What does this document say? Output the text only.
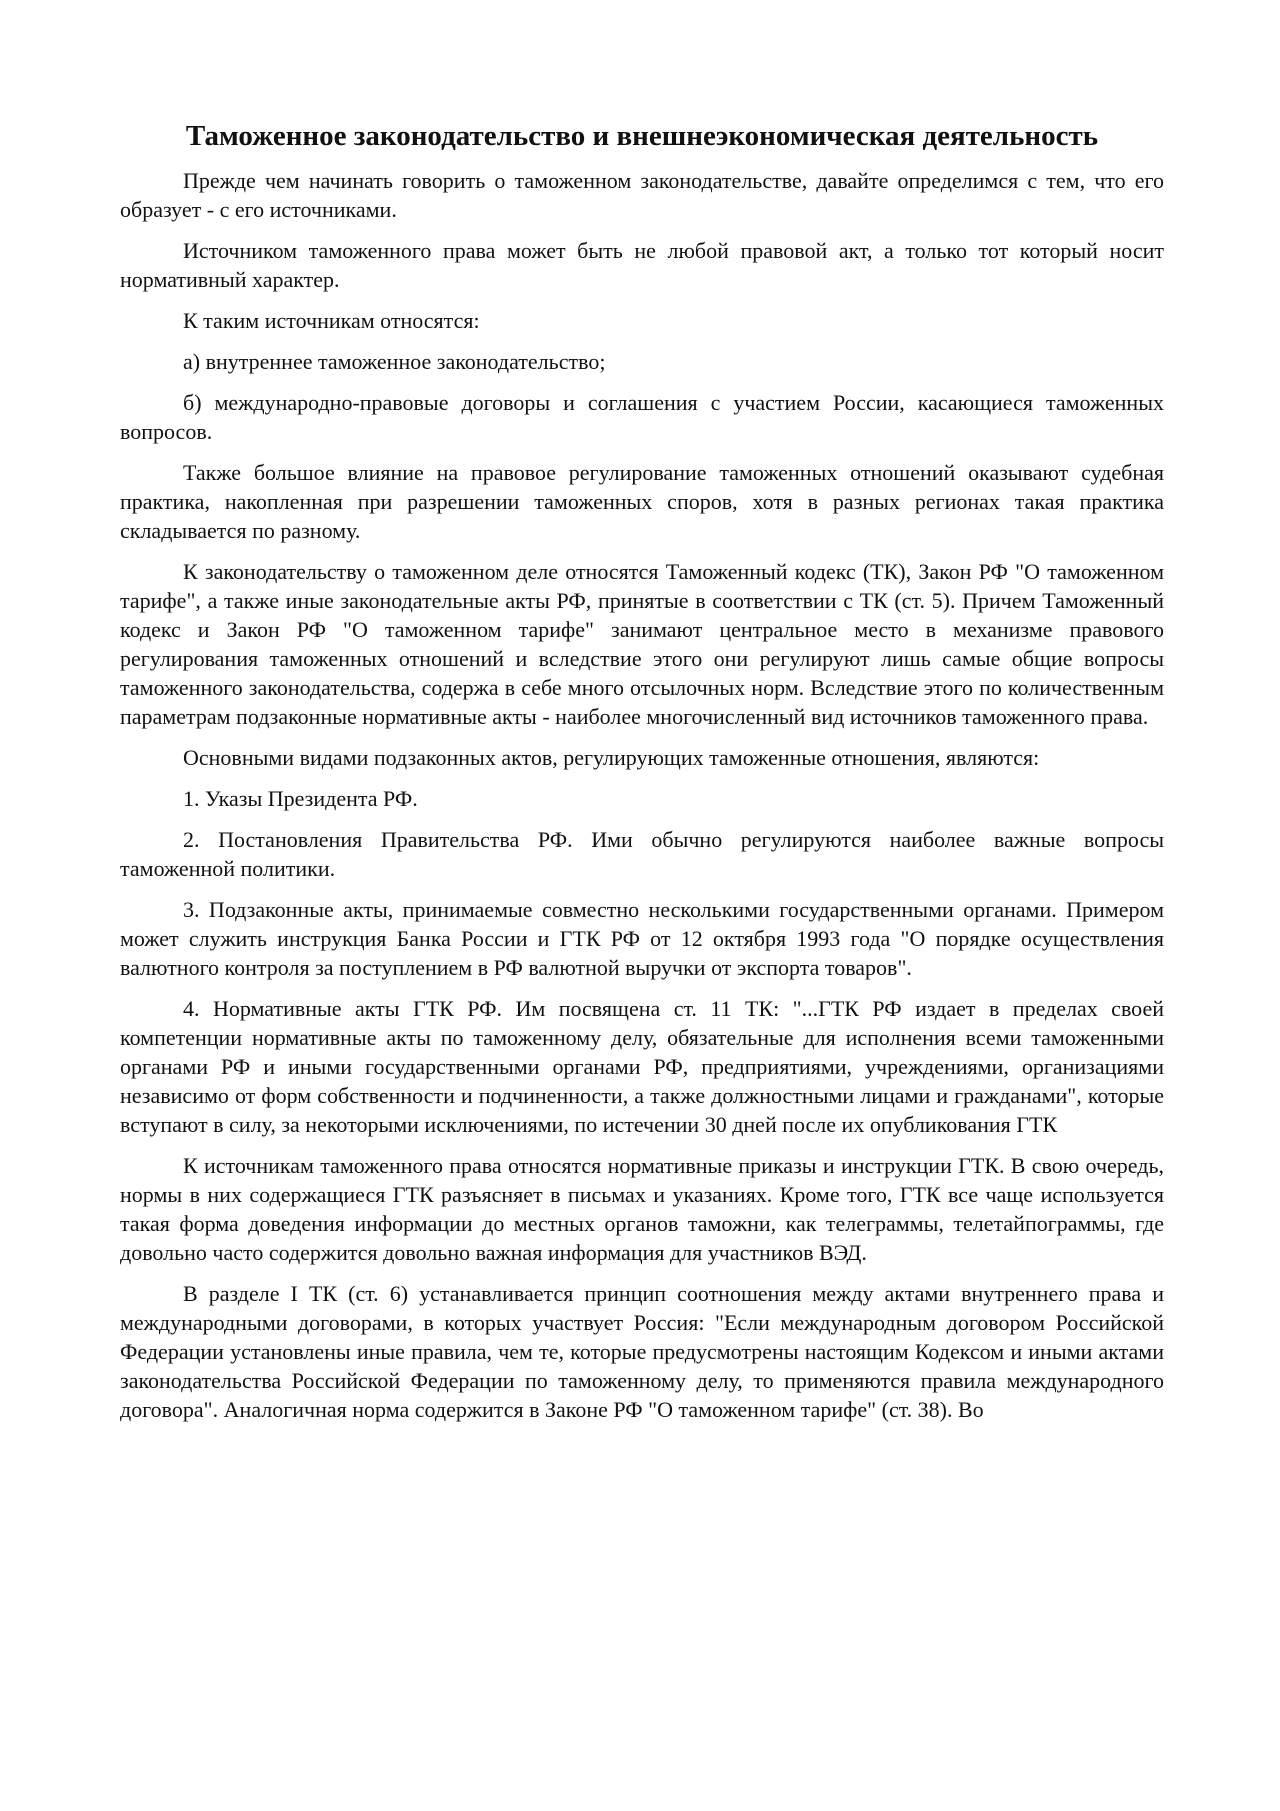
Таможенное законодательство и внешнеэкономическая деятельность

Прежде чем начинать говорить о таможенном законодательстве, давайте определимся с тем, что его образует - с его источниками.

Источником таможенного права может быть не любой правовой акт, а только тот который носит нормативный характер.

К таким источникам относятся:

а) внутреннее таможенное законодательство;

б) международно-правовые договоры и соглашения с участием России, касающиеся таможенных вопросов.

Также большое влияние на правовое регулирование таможенных отношений оказывают судебная практика, накопленная при разрешении таможенных споров, хотя в разных регионах такая практика складывается по разному.

К законодательству о таможенном деле относятся Таможенный кодекс (ТК), Закон РФ "О таможенном тарифе", а также иные законодательные акты РФ, принятые в соответствии с ТК (ст. 5). Причем Таможенный кодекс и Закон РФ "О таможенном тарифе" занимают центральное место в механизме правового регулирования таможенных отношений и вследствие этого они регулируют лишь самые общие вопросы таможенного законодательства, содержа в себе много отсылочных норм. Вследствие этого по количественным параметрам подзаконные нормативные акты - наиболее многочисленный вид источников таможенного права.

Основными видами подзаконных актов, регулирующих таможенные отношения, являются:

1. Указы Президента РФ.

2. Постановления Правительства РФ. Ими обычно регулируются наиболее важные вопросы таможенной политики.

3. Подзаконные акты, принимаемые совместно несколькими государственными органами. Примером может служить инструкция Банка России и ГТК РФ от 12 октября 1993 года "О порядке осуществления валютного контроля за поступлением в РФ валютной выручки от экспорта товаров".

4. Нормативные акты ГТК РФ. Им посвящена ст. 11 ТК: "...ГТК РФ издает в пределах своей компетенции нормативные акты по таможенному делу, обязательные для исполнения всеми таможенными органами РФ и иными государственными органами РФ, предприятиями, учреждениями, организациями независимо от форм собственности и подчиненности, а также должностными лицами и гражданами", которые вступают в силу, за некоторыми исключениями, по истечении 30 дней после их опубликования ГТК

К источникам таможенного права относятся нормативные приказы и инструкции ГТК. В свою очередь, нормы в них содержащиеся ГТК разъясняет в письмах и указаниях. Кроме того, ГТК все чаще используется такая форма доведения информации до местных органов таможни, как телеграммы, телетайпограммы, где довольно часто содержится довольно важная информация для участников ВЭД.

В разделе I ТК (ст. 6) устанавливается принцип соотношения между актами внутреннего права и международными договорами, в которых участвует Россия: "Если международным договором Российской Федерации установлены иные правила, чем те, которые предусмотрены настоящим Кодексом и иными актами законодательства Российской Федерации по таможенному делу, то применяются правила международного договора". Аналогичная норма содержится в Законе РФ "О таможенном тарифе" (ст. 38). Во
